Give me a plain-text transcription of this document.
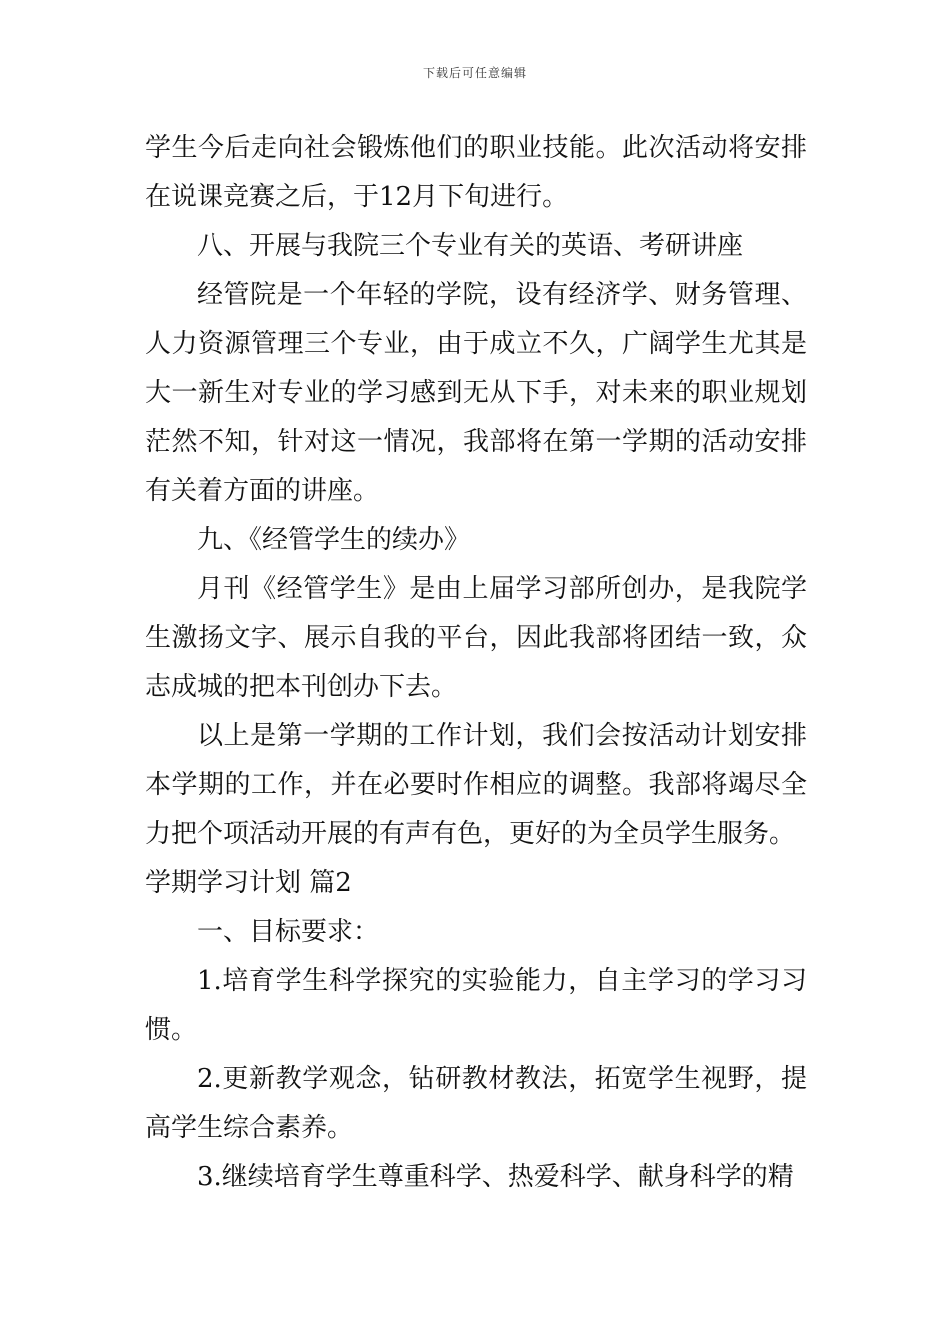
下载后可任意编辑

学生今后走向社会锻炼他们的职业技能。此次活动将安排在说课竞赛之后，于12月下旬进行。

八、开展与我院三个专业有关的英语、考研讲座

经管院是一个年轻的学院，设有经济学、财务管理、人力资源管理三个专业，由于成立不久，广阔学生尤其是大一新生对专业的学习感到无从下手，对未来的职业规划茫然不知，针对这一情况，我部将在第一学期的活动安排有关着方面的讲座。

九、《经管学生的续办》

月刊《经管学生》是由上届学习部所创办，是我院学生激扬文字、展示自我的平台，因此我部将团结一致，众志成城的把本刊创办下去。

以上是第一学期的工作计划，我们会按活动计划安排本学期的工作，并在必要时作相应的调整。我部将竭尽全力把个项活动开展的有声有色，更好的为全员学生服务。

学期学习计划 篇2

一、目标要求：

1.培育学生科学探究的实验能力，自主学习的学习习惯。

2.更新教学观念，钻研教材教法，拓宽学生视野，提高学生综合素养。

3.继续培育学生尊重科学、热爱科学、献身科学的精
